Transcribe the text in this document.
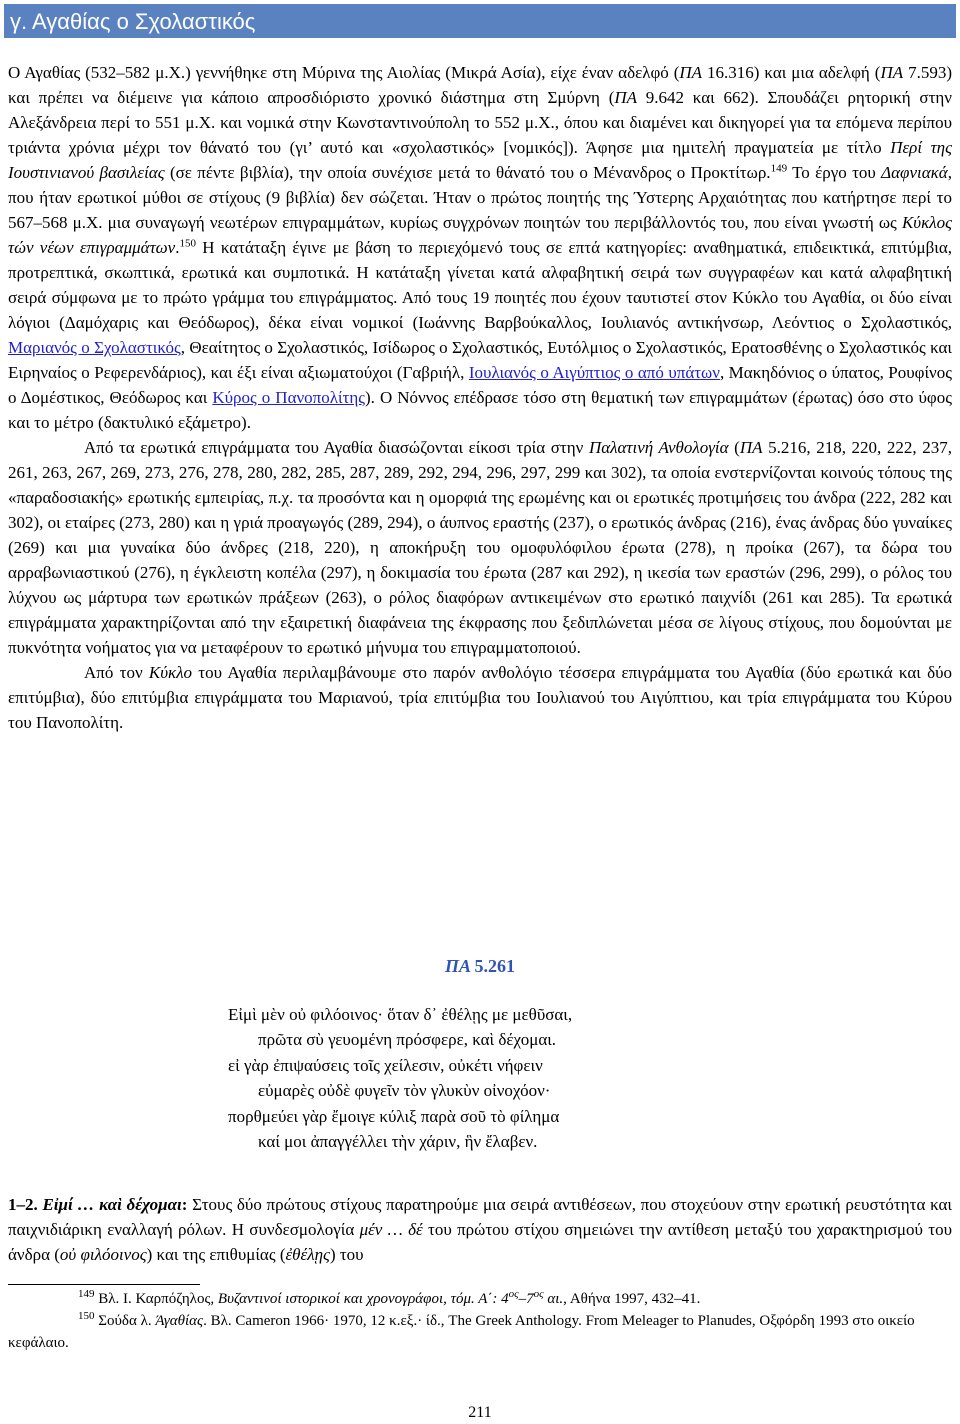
γ. Αγαθίας ο Σχολαστικός

Ο Αγαθίας (532–582 μ.Χ.) γεννήθηκε στη Μύρινα της Αιολίας (Μικρά Ασία), είχε έναν αδελφό (ΠΑ 16.316) και μια αδελφή (ΠΑ 7.593) και πρέπει να διέμεινε για κάποιο απροσδιόριστο χρονικό διάστημα στη Σμύρνη (ΠΑ 9.642 και 662). Σπουδάζει ρητορική στην Αλεξάνδρεια περί το 551 μ.Χ. και νομικά στην Κωνσταντινούπολη το 552 μ.Χ., όπου και διαμένει και δικηγορεί για τα επόμενα περίπου τριάντα χρόνια μέχρι τον θάνατό του (γι’ αυτό και «σχολαστικός» [νομικός]). Άφησε μια ημιτελή πραγματεία με τίτλο Περί της Ιουστινιανού βασιλείας (σε πέντε βιβλία), την οποία συνέχισε μετά το θάνατό του ο Μένανδρος ο Προκτίτωρ.$^{149}$ Το έργο του Δαφνιακά, που ήταν ερωτικοί μύθοι σε στίχους (9 βιβλία) δεν σώζεται. Ήταν ο πρώτος ποιητής της Ύστερης Αρχαιότητας που κατήρτησε περί το 567–568 μ.Χ. μια συναγωγή νεωτέρων επιγραμμάτων, κυρίως συγχρόνων ποιητών του περιβάλλοντός του, που είναι γνωστή ως Κύκλος τών νέων επιγραμμάτων.$^{150}$ Η κατάταξη έγινε με βάση το περιεχόμενό τους σε επτά κατηγορίες: αναθηματικά, επιδεικτικά, επιτύμβια, προτρεπτικά, σκωπτικά, ερωτικά και συμποτικά. Η κατάταξη γίνεται κατά αλφαβητική σειρά των συγγραφέων και κατά αλφαβητική σειρά σύμφωνα με το πρώτο γράμμα του επιγράμματος. Από τους 19 ποιητές που έχουν ταυτιστεί στον Κύκλο του Αγαθία, οι δύο είναι λόγιοι (Δαμόχαρις και Θεόδωρος), δέκα είναι νομικοί (Ιωάννης Βαρβούκαλλος, Ιουλιανός αντικήνσωρ, Λεόντιος ο Σχολαστικός, Μαριανός ο Σχολαστικός, Θεαίτητος ο Σχολαστικός, Ισίδωρος ο Σχολαστικός, Ευτόλμιος ο Σχολαστικός, Ερατοσθένης ο Σχολαστικός και Ειρηναίος ο Ρεφερενδάριος), και έξι είναι αξιωματούχοι (Γαβριήλ, Ιουλιανός ο Αιγύπτιος ο από υπάτων, Μακηδόνιος ο ύπατος, Ρουφίνος ο Δομέστικος, Θεόδωρος και Κύρος ο Πανοπολίτης). Ο Νόννος επέδρασε τόσο στη θεματική των επιγραμμάτων (έρωτας) όσο στο ύφος και το μέτρο (δακτυλικό εξάμετρο).

Από τα ερωτικά επιγράμματα του Αγαθία διασώζονται είκοσι τρία στην Παλατινή Ανθολογία (ΠΑ 5.216, 218, 220, 222, 237, 261, 263, 267, 269, 273, 276, 278, 280, 282, 285, 287, 289, 292, 294, 296, 297, 299 και 302), τα οποία ενστερνίζονται κοινούς τόπους της «παραδοσιακής» ερωτικής εμπειρίας, π.χ. τα προσόντα και η ομορφιά της ερωμένης και οι ερωτικές προτιμήσεις του άνδρα (222, 282 και 302), οι εταίρες (273, 280) και η γριά προαγωγός (289, 294), ο άυπνος εραστής (237), ο ερωτικός άνδρας (216), ένας άνδρας δύο γυναίκες (269) και μια γυναίκα δύο άνδρες (218, 220), η αποκήρυξη του ομοφυλόφιλου έρωτα (278), η προίκα (267), τα δώρα του αρραβωνιαστικού (276), η έγκλειστη κοπέλα (297), η δοκιμασία του έρωτα (287 και 292), η ικεσία των εραστών (296, 299), ο ρόλος του λύχνου ως μάρτυρα των ερωτικών πράξεων (263), ο ρόλος διαφόρων αντικειμένων στο ερωτικό παιχνίδι (261 και 285). Τα ερωτικά επιγράμματα χαρακτηρίζονται από την εξαιρετική διαφάνεια της έκφρασης που ξεδιπλώνεται μέσα σε λίγους στίχους, που δομούνται με πυκνότητα νοήματος για να μεταφέρουν το ερωτικό μήνυμα του επιγραμματοποιού.

Από τον Κύκλο του Αγαθία περιλαμβάνουμε στο παρόν ανθολόγιο τέσσερα επιγράμματα του Αγαθία (δύο ερωτικά και δύο επιτύμβια), δύο επιτύμβια επιγράμματα του Μαριανού, τρία επιτύμβια του Ιουλιανού του Αιγύπτιου, και τρία επιγράμματα του Κύρου του Πανοπολίτη.

ΠΑ 5.261
Εἰμὶ μὲν οὐ φιλόοινος· ὅταν δ᾽ ἐθέλῃς με μεθῦσαι,
πρῶτα σὺ γευομένη πρόσφερε, καὶ δέχομαι.
εἰ γὰρ ἐπιψαύσεις τοῖς χείλεσιν, οὐκέτι νήφειν
εὐμαρὲς οὐδὲ φυγεῖν τὸν γλυκὺν οἰνοχόον·
πορθμεύει γὰρ ἔμοιγε κύλιξ παρὰ σοῦ τὸ φίλημα
καί μοι ἀπαγγέλλει τὴν χάριν, ἣν ἔλαβεν.

1–2. Εἰμί … καὶ δέχομαι: Στους δύο πρώτους στίχους παρατηρούμε μια σειρά αντιθέσεων, που στοχεύουν στην ερωτική ρευστότητα και παιχνιδιάρικη εναλλαγή ρόλων. Η συνδεσμολογία μέν … δέ του πρώτου στίχου σημειώνει την αντίθεση μεταξύ του χαρακτηρισμού του άνδρα (οὐ φιλόοινος) και της επιθυμίας (ἐθέλῃς) του

$^{149}$ Βλ. Ι. Καρπόζηλος, Βυζαντινοί ιστορικοί και χρονογράφοι, τόμ. Α΄: $4^{o\varsigma}-7^{o\varsigma}$ αι., Αθήνα 1997, 432–41.

$^{150}$ Σούδα λ. Άγαθίας. Βλ. Cameron 1966· 1970, 12 κ.εξ.· ίδ., The Greek Anthology. From Meleager to Planudes, Οξφόρδη 1993 στο οικείο κεφάλαιο.

211
